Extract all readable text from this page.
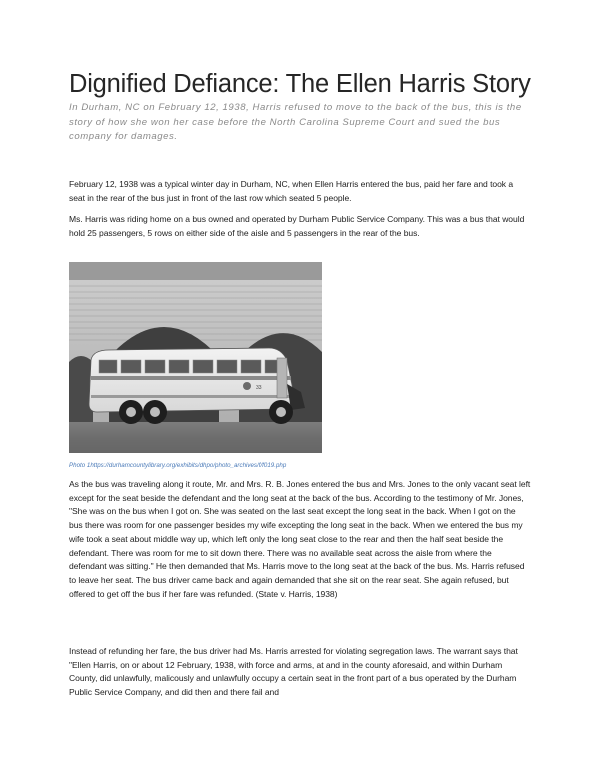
Dignified Defiance: The Ellen Harris Story
In Durham, NC on February 12, 1938, Harris refused to move to the back of the bus, this is the story of how she won her case before the North Carolina Supreme Court and sued the bus company for damages.
February 12, 1938 was a typical winter day in Durham, NC, when Ellen Harris entered the bus, paid her fare and took a seat in the rear of the bus just in front of the last row which seated 5 people.
Ms. Harris was riding home on a bus owned and operated by Durham Public Service Company. This was a bus that would hold 25 passengers, 5 rows on either side of the aisle and 5 passengers in the rear of the bus.
33
Photo 1https://durhamcountylibrary.org/exhibits/dhpo/photo_archives/f/f019.php
As the bus was traveling along it route, Mr. and Mrs. R. B. Jones entered the bus and Mrs. Jones to the only vacant seat left except for the seat beside the defendant and the long seat at the back of the bus. According to the testimony of Mr. Jones, "She was on the bus when I got on. She was seated on the last seat except the long seat in the back. When I got on the bus there was room for one passenger besides my wife excepting the long seat in the back. When we entered the bus my wife took a seat about middle way up, which left only the long seat close to the rear and then the half seat beside the defendant. There was room for me to sit down there. There was no available seat across the aisle from where the defendant was sitting." He then demanded that Ms. Harris move to the long seat at the back of the bus. Ms. Harris refused to leave her seat. The bus driver came back and again demanded that she sit on the rear seat. She again refused, but offered to get off the bus if her fare was refunded. (State v. Harris, 1938)
Instead of refunding her fare, the bus driver had Ms. Harris arrested for violating segregation laws. The warrant says that "Ellen Harris, on or about 12 February, 1938, with force and arms, at and in the county aforesaid, and within Durham County, did unlawfully, malicously and unlawfully occupy a certain seat in the front part of a bus operated by the Durham Public Service Company, and did then and there fail and
